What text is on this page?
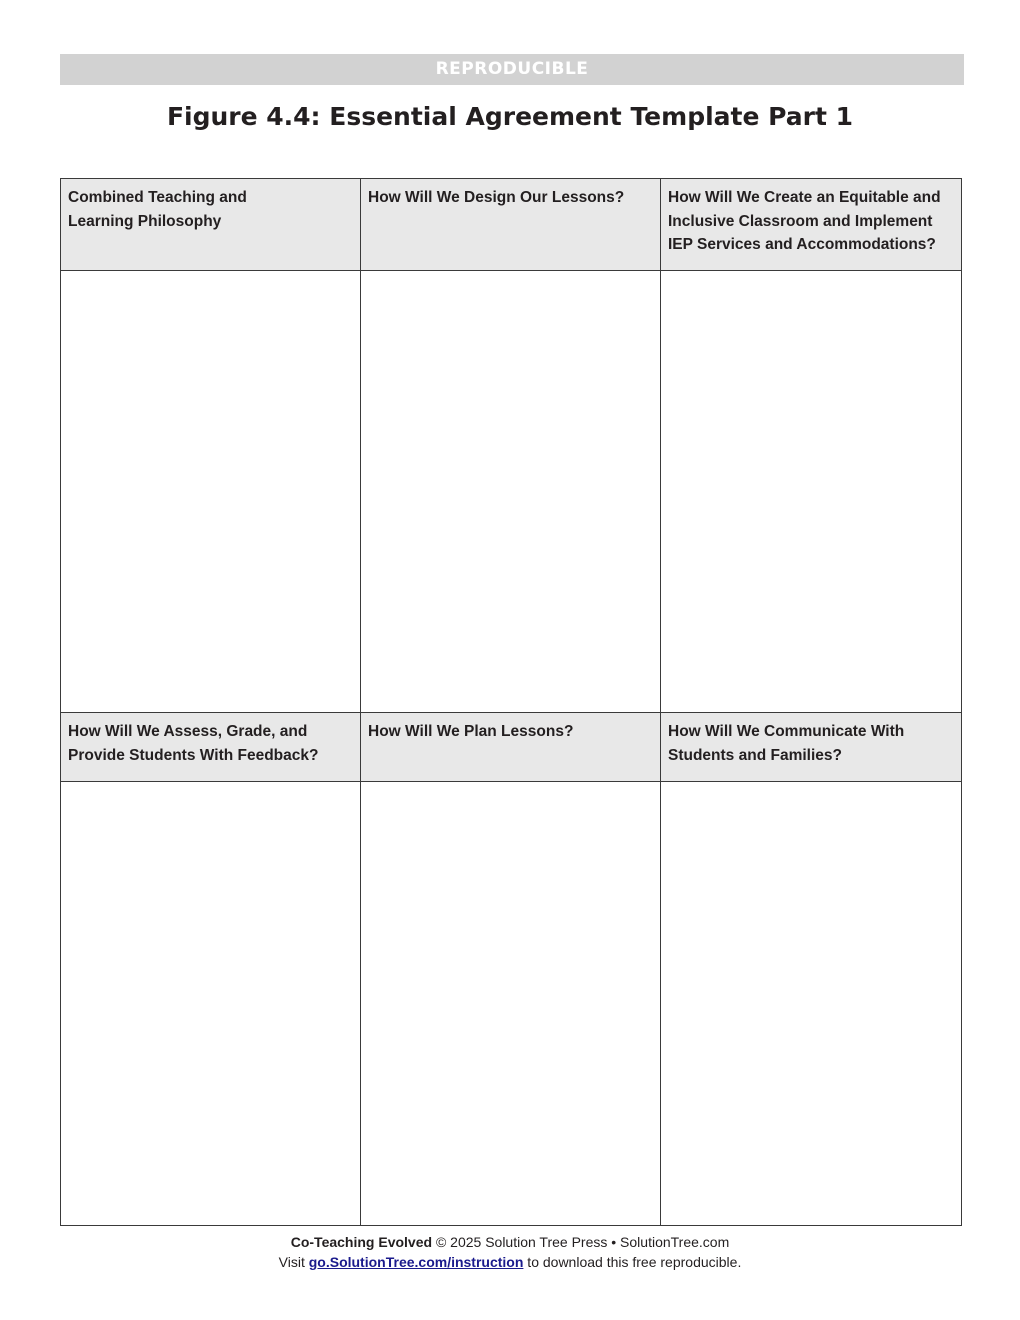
REPRODUCIBLE
Figure 4.4: Essential Agreement Template Part 1
Combined Teaching and
Learning Philosophy	How Will We Design Our Lessons?	How Will We Create an Equitable and Inclusive Classroom and Implement IEP Services and Accommodations?

How Will We Assess, Grade, and Provide Students With Feedback?	How Will We Plan Lessons?	How Will We Communicate With Students and Families?

Co-Teaching Evolved © 2025 Solution Tree Press • SolutionTree.com
Visit go.SolutionTree.com/instruction to download this free reproducible.
